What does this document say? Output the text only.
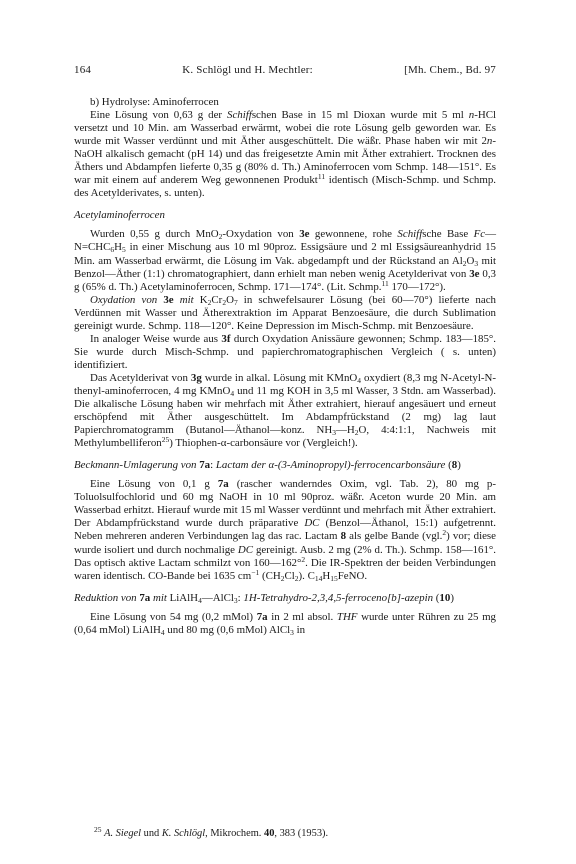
164	K. Schlögl und H. Mechtler:	[Mh. Chem., Bd. 97

b) Hydrolyse: Aminoferrocen

Eine Lösung von 0,63 g der Schiffschen Base in 15 ml Dioxan wurde mit 5 ml n-HCl versetzt und 10 Min. am Wasserbad erwärmt, wobei die rote Lösung gelb geworden war. Es wurde mit Wasser verdünnt und mit Äther ausgeschüttelt. Die wäßr. Phase haben wir mit 2n-NaOH alkalisch gemacht (pH 14) und das freigesetzte Amin mit Äther extrahiert. Trocknen des Äthers und Abdampfen lieferte 0,35 g (80% d. Th.) Aminoferrocen vom Schmp. 148—151°. Es war mit einem auf anderem Weg gewonnenen Produkt$^{11}$ identisch (Misch-Schmp. und Schmp. des Acetylderivates, s. unten).

Acetylaminoferrocen

Wurden 0,55 g durch MnO$_2$-Oxydation von 3e gewonnene, rohe Schiffsche Base $Fc—N=CHC_6H_5$ in einer Mischung aus 10 ml 90proz. Essigsäure und 2 ml Essigsäureanhydrid 15 Min. am Wasserbad erwärmt, die Lösung im Vak. abgedampft und der Rückstand an $Al_2O_3$ mit Benzol—Äther (1:1) chromatographiert, dann erhielt man neben wenig Acetylderivat von 3e 0,3 g (65% d. Th.) Acetylaminoferrocen, Schmp. 171—174°. (Lit. Schmp.$^{11}$ 170—172°).

Oxydation von 3e mit $K_2Cr_2O_7$ in schwefelsaurer Lösung (bei 60—70°) lieferte nach Verdünnen mit Wasser und Ätherextraktion im Apparat Benzoesäure, die durch Sublimation gereinigt wurde. Schmp. 118—120°. Keine Depression im Misch-Schmp. mit Benzoesäure.

In analoger Weise wurde aus 3f durch Oxydation Anissäure gewonnen; Schmp. 183—185°. Sie wurde durch Misch-Schmp. und papierchromatographischen Vergleich ( s. unten) identifiziert.

Das Acetylderivat von 3g wurde in alkal. Lösung mit KMnO$_4$ oxydiert (8,3 mg N-Acetyl-N-thenyl-aminoferrocen, 4 mg KMnO$_4$ und 11 mg KOH in 3,5 ml Wasser, 3 Stdn. am Wasserbad). Die alkalische Lösung haben wir mehrfach mit Äther extrahiert, hierauf angesäuert und erneut erschöpfend mit Äther ausgeschüttelt. Im Abdampfrückstand (2 mg) lag laut Papierchromatogramm (Butanol—Äthanol—konz. $NH_3—H_2O$, 4:4:1:1, Nachweis mit Methylumbelliferon$^{25}$) Thiophen-α-carbonsäure vor (Vergleich!).

Beckmann-Umlagerung von 7a: Lactam der α-(3-Aminopropyl)-ferrocencarbonsäure (8)

Eine Lösung von 0,1 g 7a (rascher wanderndes Oxim, vgl. Tab. 2), 80 mg p-Toluolsulfochlorid und 60 mg NaOH in 10 ml 90proz. wäßr. Aceton wurde 20 Min. am Wasserbad erhitzt. Hierauf wurde mit 15 ml Wasser verdünnt und mehrfach mit Äther extrahiert. Der Abdampfrückstand wurde durch präparative DC (Benzol—Äthanol, 15:1) aufgetrennt. Neben mehreren anderen Verbindungen lag das rac. Lactam 8 als gelbe Bande (vgl.$^2$) vor; diese wurde isoliert und durch nochmalige DC gereinigt. Ausb. 2 mg (2% d. Th.). Schmp. 158—161°. Das optisch aktive Lactam schmilzt von 160—162°$^2$. Die IR-Spektren der beiden Verbindungen waren identisch. CO-Bande bei 1635 $cm^{-1}$ $(CH_2Cl_2)$. $C_{14}H_{15}FeNO$.

Reduktion von 7a mit LiAlH$_4$—AlCl$_3$: 1H-Tetrahydro-2,3,4,5-ferroceno[b]-azepin (10)

Eine Lösung von 54 mg (0,2 mMol) 7a in 2 ml absol. THF wurde unter Rühren zu 25 mg (0,64 mMol) LiAlH$_4$ und 80 mg (0,6 mMol) AlCl$_3$ in

$^{25}$ A. Siegel und K. Schlögl, Mikrochem. 40, 383 (1953).
